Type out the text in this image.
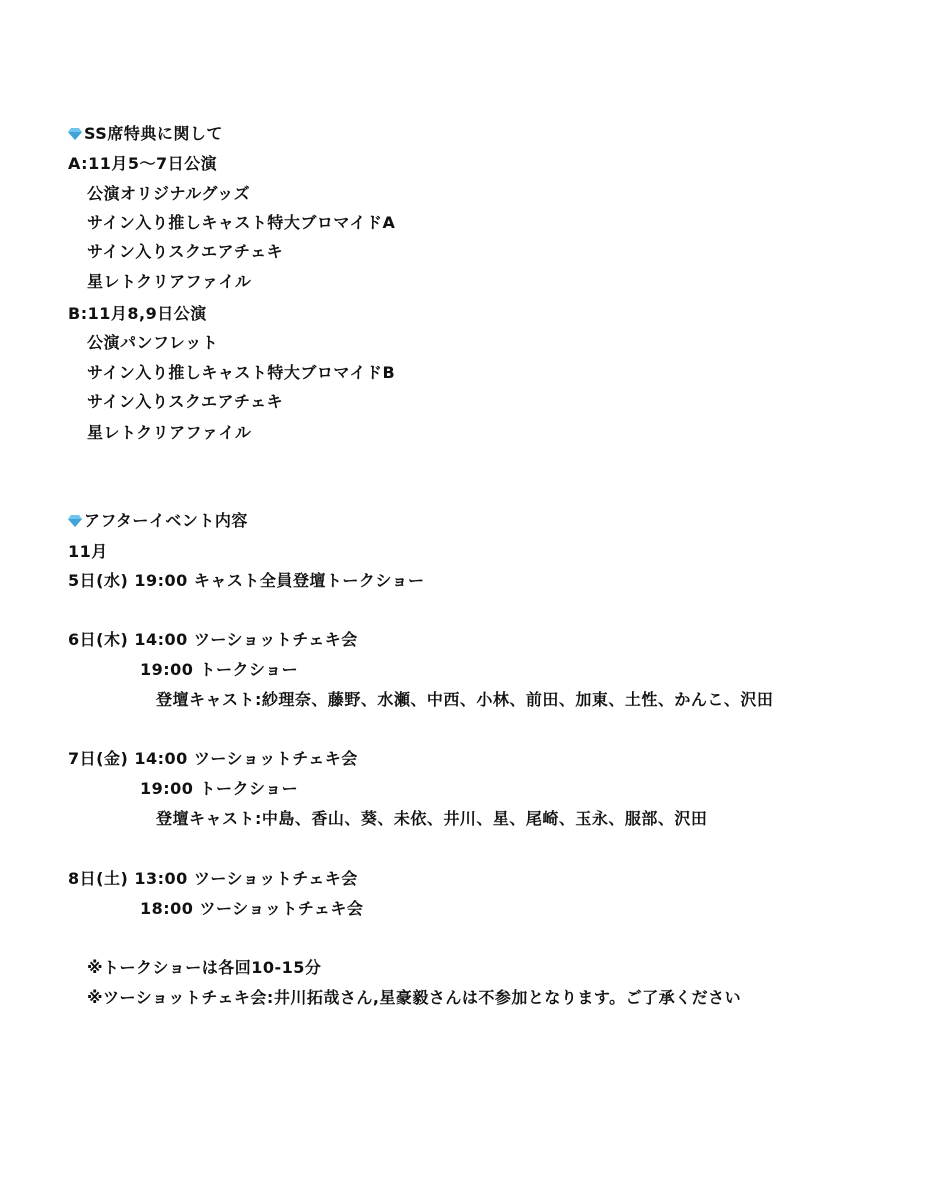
SS席特典に関して
A:11月5〜7日公演
公演オリジナルグッズ
サイン入り推しキャスト特大ブロマイドA
サイン入りスクエアチェキ
星レトクリアファイル
B:11月8,9日公演
公演パンフレット
サイン入り推しキャスト特大ブロマイドB
サイン入りスクエアチェキ
星レトクリアファイル
アフターイベント内容
11月
5日(水) 19:00 キャスト全員登壇トークショー
6日(木) 14:00 ツーショットチェキ会
19:00 トークショー
登壇キャスト:紗理奈、藤野、水瀬、中西、小林、前田、加東、土性、かんこ、沢田
7日(金) 14:00 ツーショットチェキ会
19:00 トークショー
登壇キャスト:中島、香山、葵、未依、井川、星、尾崎、玉永、服部、沢田
8日(土) 13:00 ツーショットチェキ会
18:00 ツーショットチェキ会
※トークショーは各回10-15分
※ツーショットチェキ会:井川拓哉さん,星豪毅さんは不参加となります。ご了承ください
